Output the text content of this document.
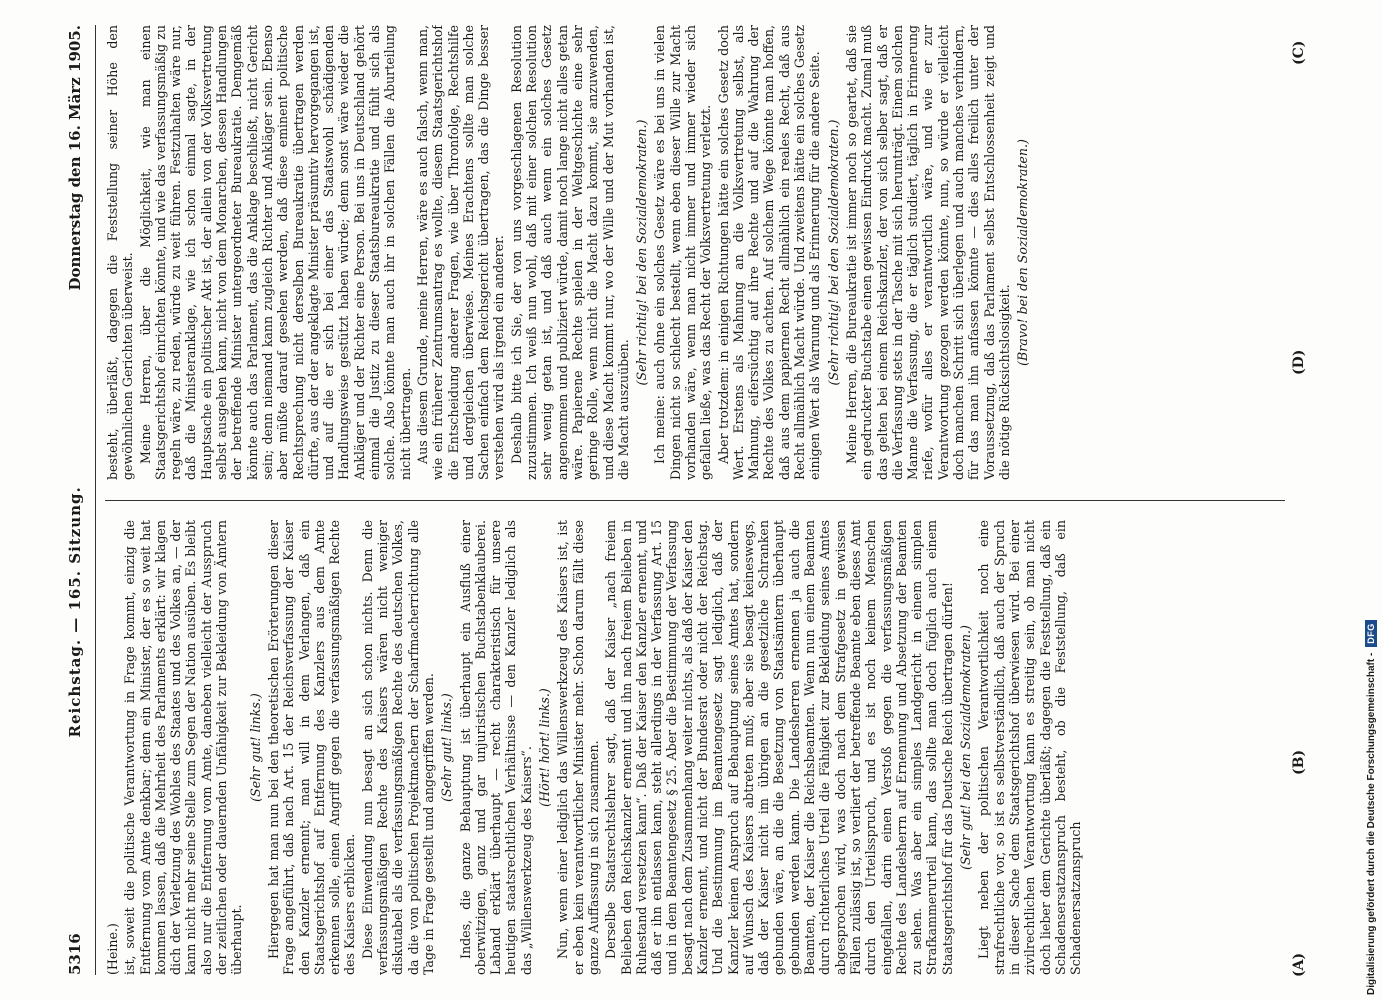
5316
Reichstag. — 165. Sitzung.
Donnerstag den 16. März 1905.

(Heine.) ist, soweit die politische Verantwortung in Frage kommt, einzig die Entfernung vom Amte denkbar; denn ein Minister, der es so weit hat kommen lassen, daß die Mehrheit des Parlaments erklärt: wir klagen dich der Verletzung des Wohles des Staates und des Volkes an, — der kann nicht mehr seine Stelle zum Segen der Nation ausüben. Es bleibt also nur die Entfernung vom Amte, daneben vielleicht der Ausspruch der zeitlichen oder dauernden Unfähigkeit zur Bekleidung von Ämtern überhaupt.

(Sehr gut! links.) Hiergegen hat man nun bei den theoretischen Erörterungen dieser Frage angeführt, daß nach Art. 15 der Reichsverfassung der Kaiser den Kanzler ernennt; man will in dem Verlangen, daß ein Staatsgerichtshof auf Entfernung des Kanzlers aus dem Amte erkennen solle, einen Angriff gegen die verfassungsmäßigen Rechte des Kaisers erblicken. Diese Einwendung nun besagt an sich schon nichts. Denn die verfassungsmäßigen Rechte des Kaisers wären nicht weniger diskutabel als die verfassungsmäßigen Rechte des deutschen Volkes, da die von politischen Projektmachern der Scharfmacherrichtung alle Tage in Frage gestellt und angegriffen werden. (Sehr gut! links.) Indes, die ganze Behauptung ist überhaupt ein Ausfluß einer oberwitzigen, ganz und gar unjuristischen Buchstabenklauberei. Laband erklärt überhaupt — recht charakteristisch für unsere heutigen staatsrechtlichen Verhältnisse — den Kanzler lediglich als das „Willenswerkzeug des Kaisers“. (Hört! hört! links.) Nun, wenn einer lediglich das Willenswerkzeug des Kaisers ist, ist er eben kein verantwortlicher Minister mehr. Schon darum fällt diese ganze Auffassung in sich zusammen. Derselbe Staatsrechtslehrer sagt, daß der Kaiser „nach freiem Belieben den Reichskanzler ernennt und ihn nach freiem Belieben in Ruhestand versetzen kann“. Daß der Kaiser den Kanzler ernennt, und daß er ihn entlassen kann, steht allerdings in der Verfassung Art. 15 und in dem Beamtengesetz § 25. Aber die Bestimmung der Verfassung besagt nach dem Zusammenhang weiter nichts, als daß der Kaiser den Kanzler ernennt, und nicht der Bundesrat oder nicht der Reichstag. Und die Bestimmung im Beamtengesetz sagt lediglich, daß der Kanzler keinen Anspruch auf Behauptung seines Amtes hat, sondern auf Wunsch des Kaisers abtreten muß; aber sie besagt keineswegs, daß der Kaiser nicht im übrigen an die gesetzliche Schranken gebunden wäre, an die die Besetzung von Staatsämtern überhaupt gebunden werden kann. Die Landesherren ernennen ja auch die Beamten, der Kaiser die Reichsbeamten. Wenn nun einem Beamten durch richterliches Urteil die Fähigkeit zur Bekleidung seines Amtes abgesprochen wird, was doch nach dem Strafgesetz in gewissen Fällen zulässig ist, so verliert der betreffende Beamte eben dieses Amt durch den Urteilsspruch, und es ist noch keinem Menschen eingefallen, darin einen Verstoß gegen die verfassungsmäßigen Rechte des Landesherrn auf Ernennung und Absetzung der Beamten zu sehen. Was aber ein simples Landgericht in einem simplen Strafkammerurteil kann, das sollte man doch füglich auch einem Staatsgerichtshof für das Deutsche Reich übertragen dürfen! (Sehr gut! bei den Sozialdemokraten.) Liegt neben der politischen Verantwortlichkeit noch eine strafrechtliche vor, so ist es selbstverständlich, daß auch der Spruch in dieser Sache dem Staatsgerichtshof überwiesen wird. Bei einer zivilrechtlichen Verantwortung kann es streitig sein, ob man nicht doch lieber dem Gerichte überläßt; dagegen die Feststellung, daß ein Schadensersatzanspruch besteht, ob die Feststellung, daß ein Schadenersatzanspruch

besteht, überläßt, dagegen die Feststellung seiner Höhe den gewöhnlichen Gerichten überweist. Meine Herren, über die Möglichkeit, wie man einen Staatsgerichtshof einrichten könnte, und wie das verfassungsmäßig zu regeln wäre, zu reden, würde zu weit führen. Festzuhalten wäre nur, daß die Ministeranklage, wie ich schon einmal sagte, in der Hauptsache ein politischer Akt ist, der allein von der Volksvertretung selbst ausgehen kann, nicht von dem Monarchen, dessen Handlungen der betreffende Minister untergeordneter Bureaukratie. Demgemäß könnte auch das Parlament, das die Anklage beschließt, nicht Gericht sein; denn niemand kann zugleich Richter und Ankläger sein. Ebenso aber müßte darauf gesehen werden, daß diese eminent politische Rechtsprechung nicht derselben Bureaukratie übertragen werden dürfte, aus der der angeklagte Minister präsumtiv hervorgegangen ist, und auf die er sich bei einer das Staatswohl schädigenden Handlungsweise gestützt haben würde; denn sonst wäre wieder die Ankläger und der Richter eine Person. Bei uns in Deutschland gehört einmal die Justiz zu dieser Staatsbureaukratie und fühlt sich als solche. Also könnte man auch ihr in solchen Fällen die Aburteilung nicht übertragen. Aus diesem Grunde, meine Herren, wäre es auch falsch, wenn man, wie ein früherer Zentrumsantrag es wollte, diesem Staatsgerichtshof die Entscheidung anderer Fragen, wie über Thronfolge, Rechtshilfe und dergleichen überwiese. Meines Erachtens sollte man solche Sachen einfach dem Reichsgericht übertragen, das die Dinge besser verstehen wird als irgend ein anderer. Deshalb bitte ich Sie, der von uns vorgeschlagenen Resolution zuzustimmen. Ich weiß nun wohl, daß mit einer solchen Resolution sehr wenig getan ist, und daß auch wenn ein solches Gesetz angenommen und publiziert würde, damit noch lange nicht alles getan wäre. Papierene Rechte spielen in der Weltgeschichte eine sehr geringe Rolle, wenn nicht die Macht dazu kommt, sie anzuwenden, und diese Macht kommt nur, wo der Wille und der Mut vorhanden ist, die Macht auszuüben.

(Sehr richtig! bei den Sozialdemokraten.) Ich meine: auch ohne ein solches Gesetz wäre es bei uns in vielen Dingen nicht so schlecht bestellt, wenn eben dieser Wille zur Macht vorhanden wäre, wenn man nicht immer und immer wieder sich gefallen ließe, was das Recht der Volksvertretung verletzt. Aber trotzdem: in einigen Richtungen hätte ein solches Gesetz doch Wert. Erstens als Mahnung an die Volksvertretung selbst, als Mahnung, eifersüchtig auf ihre Rechte und auf die Wahrung der Rechte des Volkes zu achten. Auf solchem Wege könnte man hoffen, daß aus dem papiernen Recht allmählich ein reales Recht, daß aus Recht allmählich Macht würde. Und zweitens hätte ein solches Gesetz einigen Wert als Warnung und als Erinnerung für die andere Seite. (Sehr richtig! bei den Sozialdemokraten.) Meine Herren, die Bureaukratie ist immer noch so geartet, daß sie ein gedruckter Buchstabe einen gewissen Eindruck macht. Zumal muß das gelten bei einem Reichskanzler, der von sich selber sagt, daß er die Verfassung stets in der Tasche mit sich herumträgt. Einem solchen Manne die Verfassung, die er täglich studiert, täglich in Erinnerung riefe, wofür alles er verantwortlich wäre, und wie er zur Verantwortung gezogen werden könnte, nun, so würde er vielleicht doch manchen Schritt sich überlegen und auch manches verhindern, für das man ihn anfassen könnte — dies alles freilich unter der Voraussetzung, daß das Parlament selbst Entschlossenheit zeigt und die nötige Rücksichtslosigkeit.

(Bravo! bei den Sozialdemokraten.)

(A)
(B)
(C)
(D)
Digitalisierung gefördert durch die Deutsche Forschungsgemeinschaft -
DFG
